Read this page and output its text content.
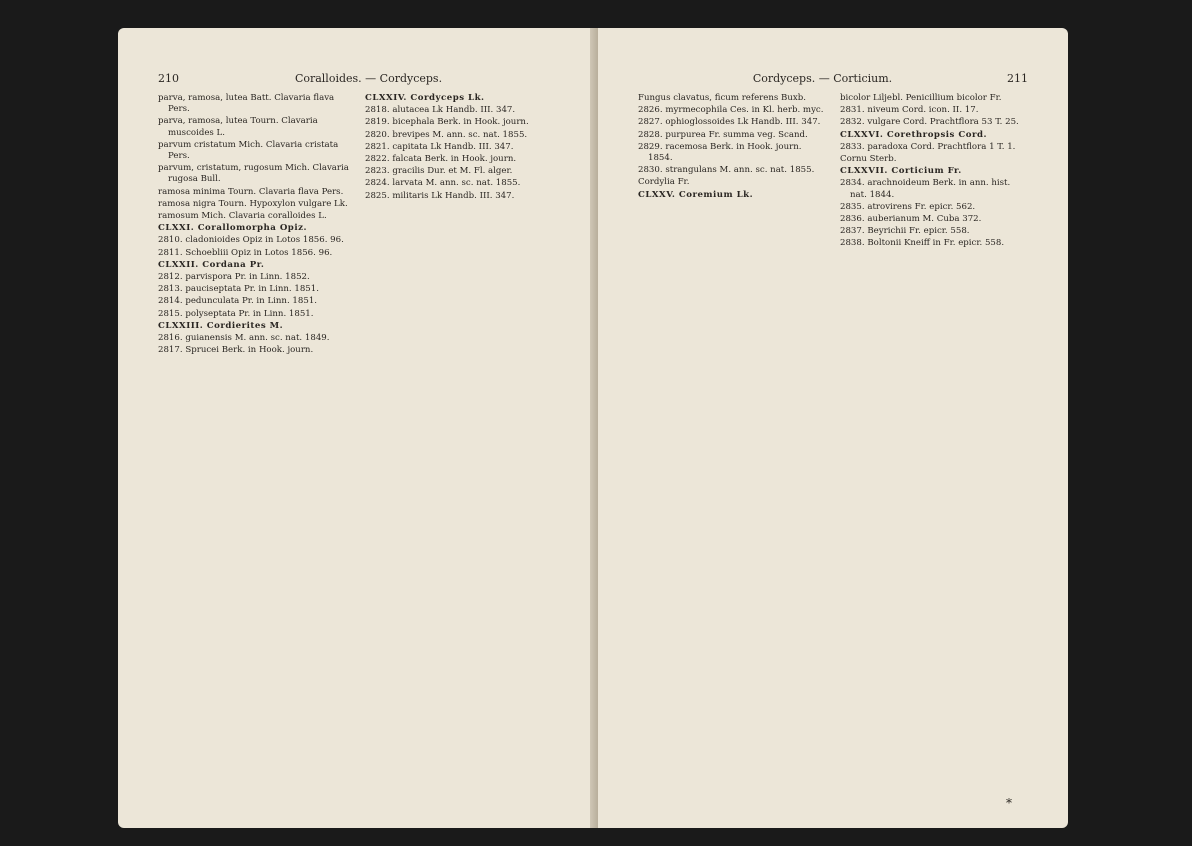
210	Coralloides. — Cordyceps.
parva, ramosa, lutea Batt. Clavaria flava Pers.
parva, ramosa, lutea Tourn. Clavaria muscoides L.
parvum cristatum Mich. Clavaria cristata Pers.
parvum, cristatum, rugosum Mich. Clavaria rugosa Bull.
ramosa minima Tourn. Clavaria flava Pers.
ramosa nigra Tourn. Hypoxylon vulgare Lk.
ramosum Mich. Clavaria coralloides L.
CLXXI. Corallomorpha Opiz.
2810. cladonioides Opiz in Lotos 1856. 96.
2811. Schoebliii Opiz in Lotos 1856. 96.
CLXXII. Cordana Pr.
2812. parvispora Pr. in Linn. 1852.
2813. pauciseptata Pr. in Linn. 1851.
2814. pedunculata Pr. in Linn. 1851.
2815. polyseptata Pr. in Linn. 1851.
CLXXIII. Cordierites M.
2816. guianensis M. ann. sc. nat. 1849.
2817. Sprucei Berk. in Hook. journ.
CLXXIV. Cordyceps Lk.
2818. alutacea Lk Handb. III. 347.
2819. bicephala Berk. in Hook. journ.
2820. brevipes M. ann. sc. nat. 1855.
2821. capitata Lk Handb. III. 347.
2822. falcata Berk. in Hook. journ.
2823. gracilis Dur. et M. Fl. alger.
2824. larvata M. ann. sc. nat. 1855.
2825. militaris Lk Handb. III. 347.
Cordyceps. — Corticium.	211
Fungus clavatus, ficum referens Buxb.
2826. myrmecophila Ces. in Kl. herb. myc.
2827. ophioglossoides Lk Handb. III. 347.
2828. purpurea Fr. summa veg. Scand.
2829. racemosa Berk. in Hook. journ. 1854.
2830. strangulans M. ann. sc. nat. 1855.
Cordylia Fr.
CLXXV. Coremium Lk.
bicolor Liljebl. Penicillium bicolor Fr.
2831. niveum Cord. icon. II. 17.
2832. vulgare Cord. Prachtflora 53 T. 25.
CLXXVI. Corethropsis Cord.
2833. paradoxa Cord. Prachtflora 1 T. 1.
Cornu Sterb.
CLXXVII. Corticium Fr.
2834. arachnoideum Berk. in ann. hist. nat. 1844.
2835. atrovirens Fr. epicr. 562.
2836. auberianum M. Cuba 372.
2837. Beyrichii Fr. epicr. 558.
2838. Boltonii Kneiff in Fr. epicr. 558.
*
